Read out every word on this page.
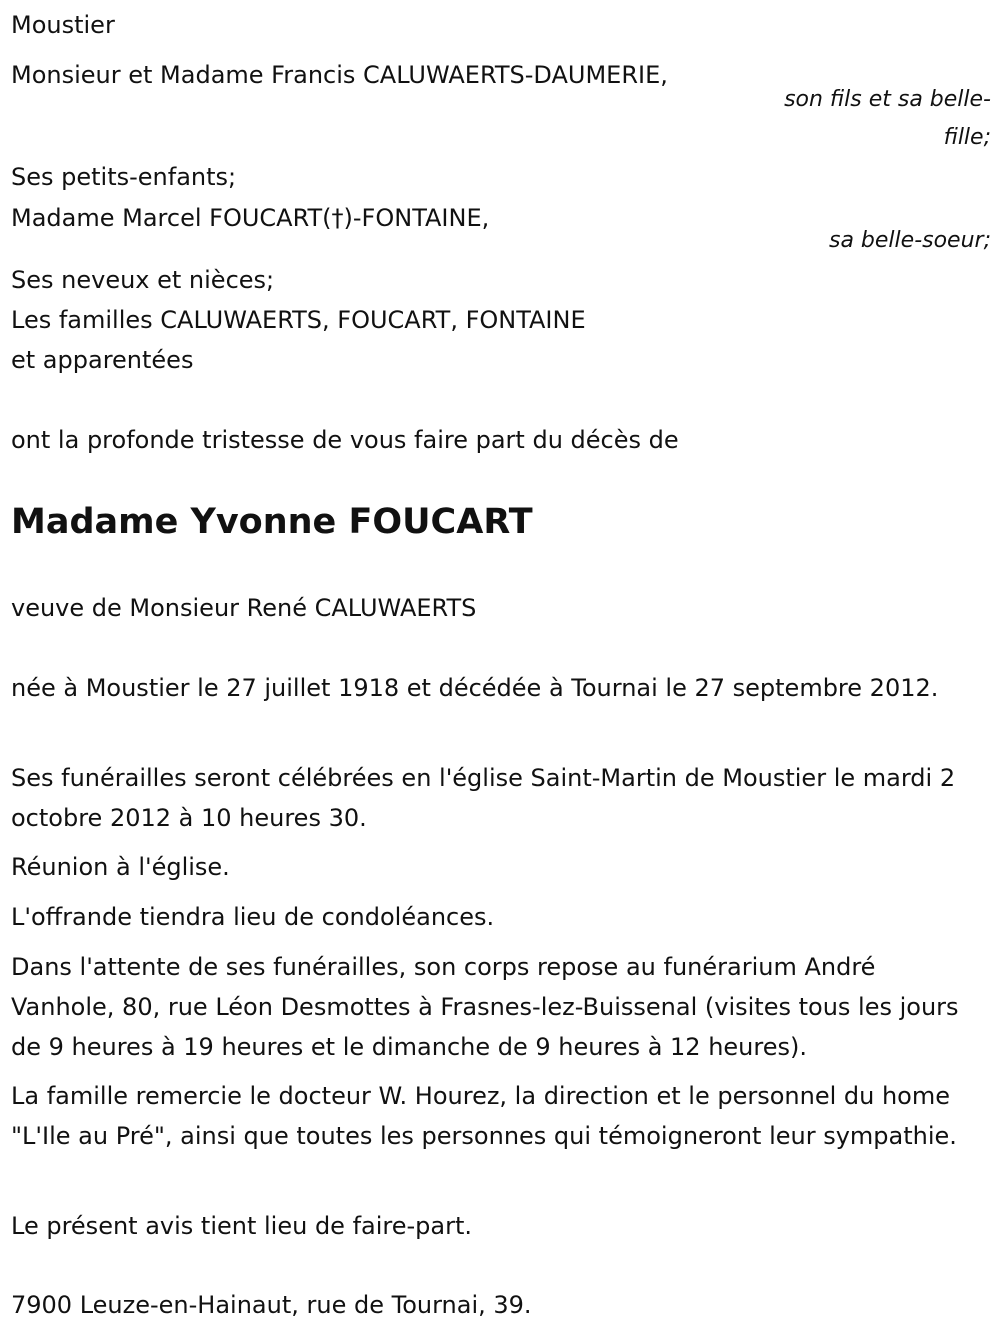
Moustier
Monsieur et Madame Francis CALUWAERTS-DAUMERIE,
son fils et sa belle-
fille;
Ses petits-enfants;
Madame Marcel FOUCART(†)-FONTAINE,
sa belle-soeur;
Ses neveux et nièces;
Les familles CALUWAERTS, FOUCART, FONTAINE
et apparentées
ont la profonde tristesse de vous faire part du décès de
Madame Yvonne FOUCART
veuve de Monsieur René CALUWAERTS
née à Moustier le 27 juillet 1918 et décédée à Tournai le 27 septembre 2012.
Ses funérailles seront célébrées en l'église Saint-Martin de Moustier le mardi 2 octobre 2012 à 10 heures 30.
Réunion à l'église.
L'offrande tiendra lieu de condoléances.
Dans l'attente de ses funérailles, son corps repose au funérarium André Vanhole, 80, rue Léon Desmottes à Frasnes-lez-Buissenal (visites tous les jours de 9 heures à 19 heures et le dimanche de 9 heures à 12 heures).
La famille remercie le docteur W. Hourez, la direction et le personnel du home "L'Ile au Pré", ainsi que toutes les personnes qui témoigneront leur sympathie.
Le présent avis tient lieu de faire-part.
7900 Leuze-en-Hainaut, rue de Tournai, 39.
